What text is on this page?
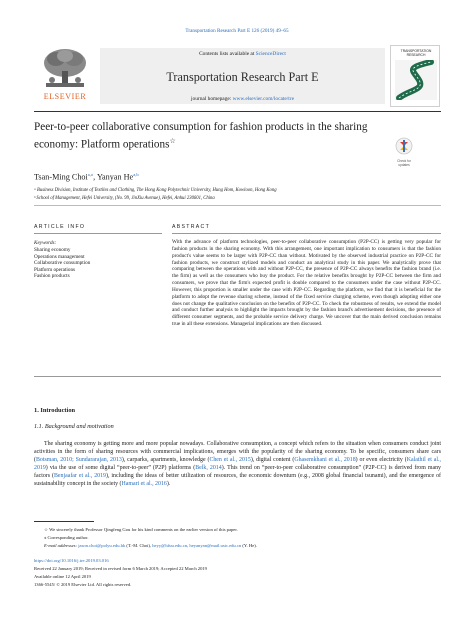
Transportation Research Part E 126 (2019) 49–65
ELSEVIER
Contents lists available at ScienceDirect
Transportation Research Part E
journal homepage: www.elsevier.com/locate/tre
TRANSPORTATION RESEARCH
Peer-to-peer collaborative consumption for fashion products in the sharing economy: Platform operations☆
Check for updates
Tsan-Ming Choi$^{a,⁎}$, Yanyan He$^{a,b}$
ᵃ Business Division, Institute of Textiles and Clothing, The Hong Kong Polytechnic University, Hung Hom, Kowloon, Hong Kong
ᵇ School of Management, Hefei University, (No. 99, JinXiu Avenue), Hefei, Anhui 230601, China
ARTICLE INFO	ABSTRACT
Keywords:
Sharing economy
Operations management
Collaborative consumption
Platform operations
Fashion products
With the advance of platform technologies, peer-to-peer collaborative consumption (P2P-CC) is getting very popular for fashion products in the sharing economy. With this arrangement, one important implication to consumers is that the fashion product's value seems to be larger with P2P-CC than without. Motivated by the observed industrial practice on P2P-CC for fashion products, we construct stylized models and conduct an analytical study in this paper. We analytically prove that comparing between the operations with and without P2P-CC, the presence of P2P-CC always benefits the fashion brand (i.e. the firm) as well as the consumers who buy the product. For the relative benefits brought by P2P-CC between the firm and consumers, we prove that the firm's expected profit is double compared to the consumers under the case without P2P-CC. However, this proportion is smaller under the case with P2P-CC. Regarding the platform, we find that it is beneficial for the platform to adopt the revenue sharing scheme, instead of the fixed service charging scheme, even though adopting either one does not change the qualitative conclusion on the benefits of P2P-CC. To check the robustness of results, we extend the model and conduct further analysis to highlight the impacts brought by the fashion brand's advertisement decisions, the presence of different consumer segments, and the probable service delivery charge. We uncover that the main derived conclusion remains true in all these extensions. Managerial implications are then discussed.
1. Introduction
1.1. Background and motivation
The sharing economy is getting more and more popular nowadays. Collaborative consumption, a concept which refers to the situation when consumers conduct joint activities in the form of sharing resources with commercial implications, emerges with the popularity of the sharing economy. To be specific, consumers share cars (Botsman, 2010; Sundararajan, 2013), carparks, apartments, knowledge (Chen et al., 2015), digital content (Ghasemkhani et al., 2018) or even electricity (Kalathil et al., 2019) via the use of some digital “peer-to-peer” (P2P) platforms (Belk, 2014). This trend on “peer-to-peer collaborative consumption” (P2P-CC) is derived from many factors (Benjaafar et al., 2019), including the ideas of better utilization of resources, the economic downturn (e.g., 2008 global financial tsunami), and the emergence of sustainability concept in the society (Hamari et al., 2016).
☆ We sincerely thank Professor Qingfeng Gou for his kind comments on the earlier version of this paper.
⁎ Corresponding author.
E-mail addresses: jason.choi@polyu.edu.hk (T.-M. Choi), heyy@hfuu.edu.cn, heyanyan@mail.ustc.edu.cn (Y. He).
https://doi.org/10.1016/j.tre.2019.03.016
Received 22 January 2019; Received in revised form 6 March 2019; Accepted 22 March 2019
Available online 12 April 2019
1366-5545/ © 2019 Elsevier Ltd. All rights reserved.
